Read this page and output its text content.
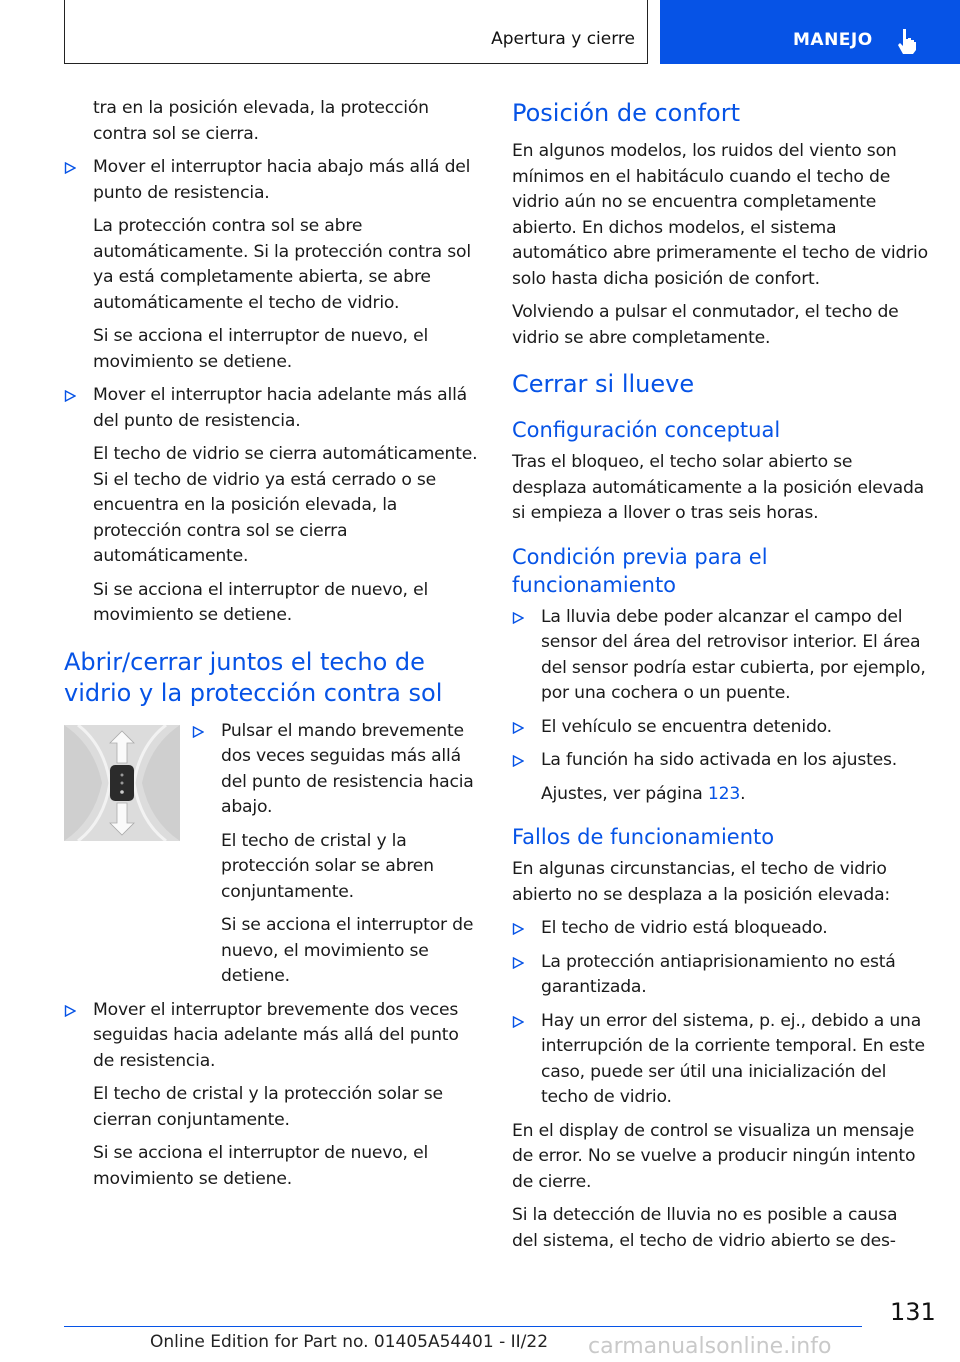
Apertura y cierre	MANEJO

tra en la posición elevada, la protección contra sol se cierra.

Mover el interruptor hacia abajo más allá del punto de resistencia.

La protección contra sol se abre automáticamente. Si la protección contra sol ya está completamente abierta, se abre automáticamente el techo de vidrio.

Si se acciona el interruptor de nuevo, el movimiento se detiene.

Mover el interruptor hacia adelante más allá del punto de resistencia.

El techo de vidrio se cierra automáticamente. Si el techo de vidrio ya está cerrado o se encuentra en la posición elevada, la protección contra sol se cierra automáticamente.

Si se acciona el interruptor de nuevo, el movimiento se detiene.

Abrir/cerrar juntos el techo de vidrio y la protección contra sol

Pulsar el mando brevemente dos veces seguidas más allá del punto de resistencia hacia abajo.

El techo de cristal y la protección solar se abren conjuntamente.

Si se acciona el interruptor de nuevo, el movimiento se detiene.

Mover el interruptor brevemente dos veces seguidas hacia adelante más allá del punto de resistencia.

El techo de cristal y la protección solar se cierran conjuntamente.

Si se acciona el interruptor de nuevo, el movimiento se detiene.

Posición de confort

En algunos modelos, los ruidos del viento son mínimos en el habitáculo cuando el techo de vidrio aún no se encuentra completamente abierto. En dichos modelos, el sistema automático abre primeramente el techo de vidrio solo hasta dicha posición de confort.

Volviendo a pulsar el conmutador, el techo de vidrio se abre completamente.

Cerrar si llueve
Configuración conceptual

Tras el bloqueo, el techo solar abierto se desplaza automáticamente a la posición elevada si empieza a llover o tras seis horas.

Condición previa para el funcionamiento

La lluvia debe poder alcanzar el campo del sensor del área del retrovisor interior. El área del sensor podría estar cubierta, por ejemplo, por una cochera o un puente.

El vehículo se encuentra detenido.

La función ha sido activada en los ajustes.

Ajustes, ver página 123.

Fallos de funcionamiento

En algunas circunstancias, el techo de vidrio abierto no se desplaza a la posición elevada:

El techo de vidrio está bloqueado.

La protección antiaprisionamiento no está garantizada.

Hay un error del sistema, p. ej., debido a una interrupción de la corriente temporal. En este caso, puede ser útil una inicialización del techo de vidrio.

En el display de control se visualiza un mensaje de error. No se vuelve a producir ningún intento de cierre.

Si la detección de lluvia no es posible a causa del sistema, el techo de vidrio abierto se des-

131
Online Edition for Part no. 01405A54401 - II/22 carmanualsonline.info
